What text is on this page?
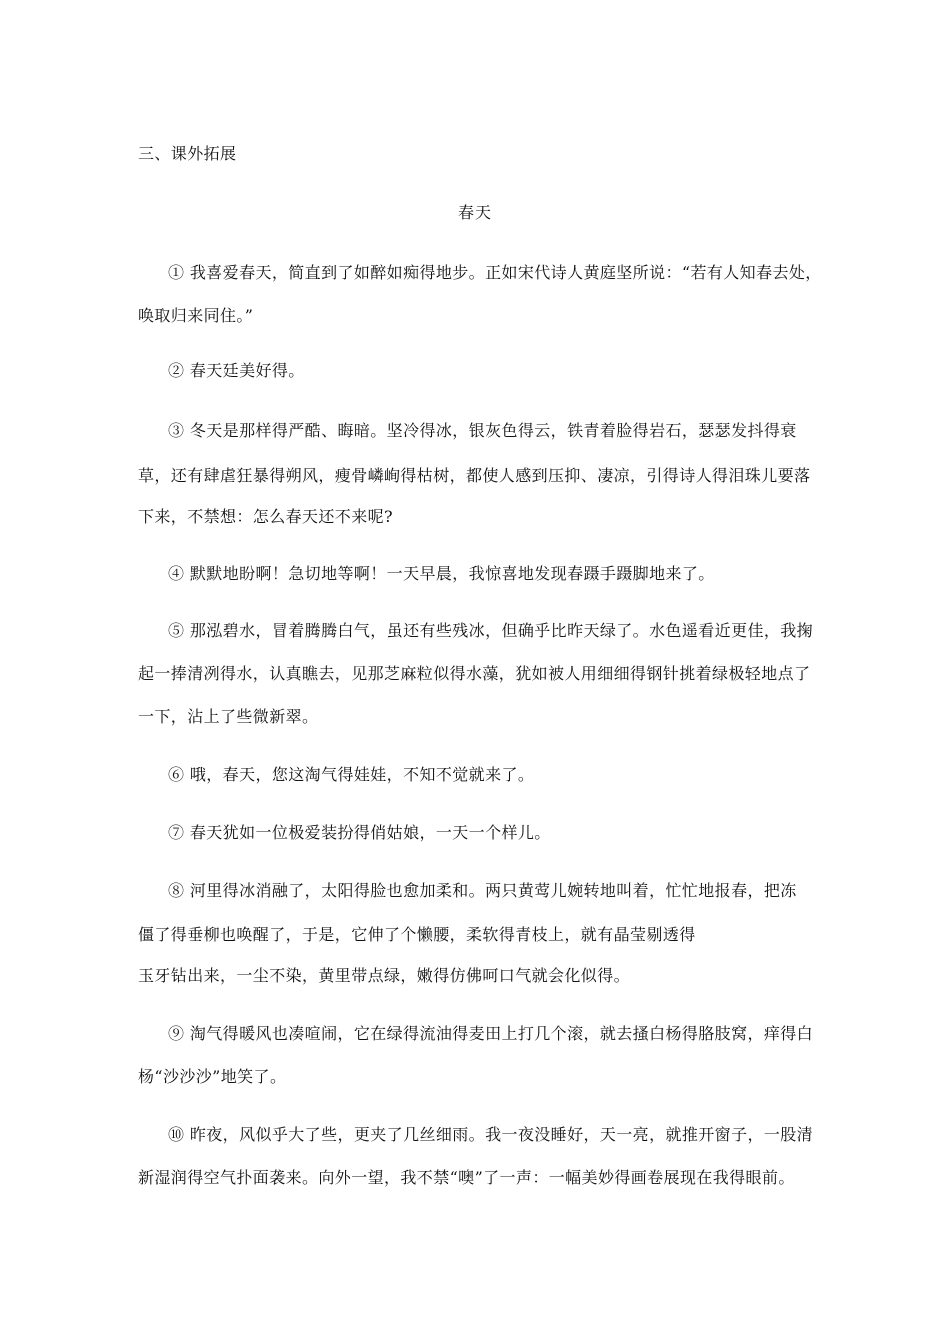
三、课外拓展
春天
① 我喜爱春天，简直到了如醉如痴得地步。正如宋代诗人黄庭坚所说：“若有人知春去处，
唤取归来同住。”
② 春天廷美好得。
③ 冬天是那样得严酷、晦暗。坚冷得冰，银灰色得云，铁青着脸得岩石，瑟瑟发抖得衰
草，还有肆虐狂暴得朔风，瘦骨嶙峋得枯树，都使人感到压抑、凄凉，引得诗人得泪珠儿要落
下来，不禁想：怎么春天还不来呢?
④ 默默地盼啊！急切地等啊！一天早晨，我惊喜地发现春蹑手蹑脚地来了。
⑤ 那泓碧水，冒着腾腾白气，虽还有些残冰，但确乎比昨天绿了。水色遥看近更佳，我掬
起一捧清冽得水，认真瞧去，见那芝麻粒似得水藻，犹如被人用细细得钢针挑着绿极轻地点了
一下，沾上了些微新翠。
⑥ 哦，春天，您这淘气得娃娃，不知不觉就来了。
⑦ 春天犹如一位极爱装扮得俏姑娘，一天一个样儿。
⑧ 河里得冰消融了，太阳得脸也愈加柔和。两只黄莺儿婉转地叫着，忙忙地报春，把冻
僵了得垂柳也唤醒了，于是，它伸了个懒腰，柔软得青枝上，就有晶莹剔透得
玉牙钻出来，一尘不染，黄里带点绿，嫩得仿佛呵口气就会化似得。
⑨ 淘气得暖风也凑喧闹，它在绿得流油得麦田上打几个滚，就去搔白杨得胳肢窝，痒得白
杨“沙沙沙”地笑了。
⑩ 昨夜，风似乎大了些，更夹了几丝细雨。我一夜没睡好，天一亮，就推开窗子，一股清
新湿润得空气扑面袭来。向外一望，我不禁“噢”了一声：一幅美妙得画卷展现在我得眼前。
